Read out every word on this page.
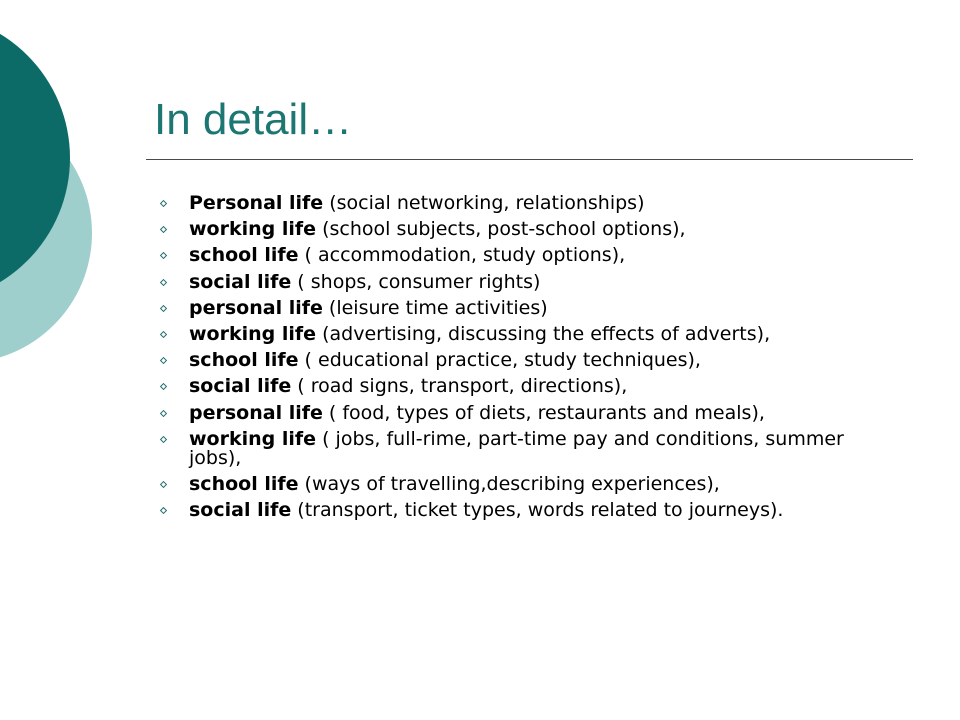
In detail…
Personal life (social networking, relationships)
working life (school subjects, post-school options),
school life ( accommodation, study options),
social life ( shops, consumer rights)
personal life (leisure time activities)
working life (advertising, discussing the effects of adverts),
school life ( educational practice, study techniques),
social life ( road signs, transport, directions),
personal life ( food, types of diets, restaurants and meals),
working life ( jobs, full-rime, part-time pay and conditions, summer jobs),
school life (ways of travelling,describing experiences),
social life (transport, ticket types, words related to journeys).
